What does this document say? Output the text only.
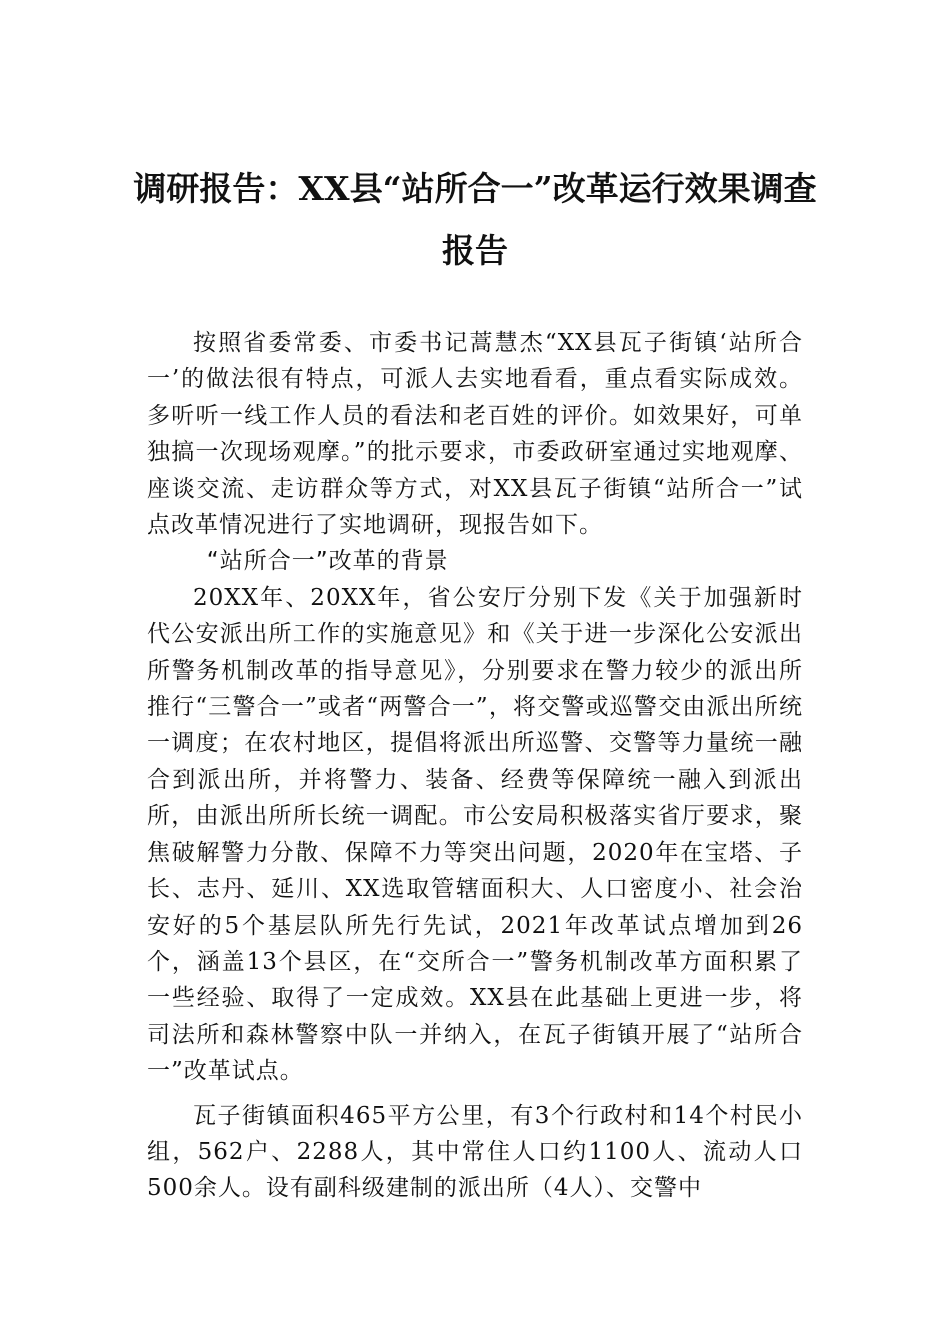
调研报告：XX县“站所合一”改革运行效果调查报告

按照省委常委、市委书记蒿慧杰“XX县瓦子街镇‘站所合一’的做法很有特点，可派人去实地看看，重点看实际成效。多听听一线工作人员的看法和老百姓的评价。如效果好，可单独搞一次现场观摩。”的批示要求，市委政研室通过实地观摩、座谈交流、走访群众等方式，对XX县瓦子街镇“站所合一”试点改革情况进行了实地调研，现报告如下。

“站所合一”改革的背景

20XX年、20XX年，省公安厅分别下发《关于加强新时代公安派出所工作的实施意见》和《关于进一步深化公安派出所警务机制改革的指导意见》，分别要求在警力较少的派出所推行“三警合一”或者“两警合一”，将交警或巡警交由派出所统一调度；在农村地区，提倡将派出所巡警、交警等力量统一融合到派出所，并将警力、装备、经费等保障统一融入到派出所，由派出所所长统一调配。市公安局积极落实省厅要求，聚焦破解警力分散、保障不力等突出问题，2020年在宝塔、子长、志丹、延川、XX选取管辖面积大、人口密度小、社会治安好的5个基层队所先行先试，2021年改革试点增加到26个，涵盖13个县区，在“交所合一”警务机制改革方面积累了一些经验、取得了一定成效。XX县在此基础上更进一步，将司法所和森林警察中队一并纳入，在瓦子街镇开展了“站所合一”改革试点。

瓦子街镇面积465平方公里，有3个行政村和14个村民小组，562户、2288人，其中常住人口约1100人、流动人口500余人。设有副科级建制的派出所（4人）、交警中
